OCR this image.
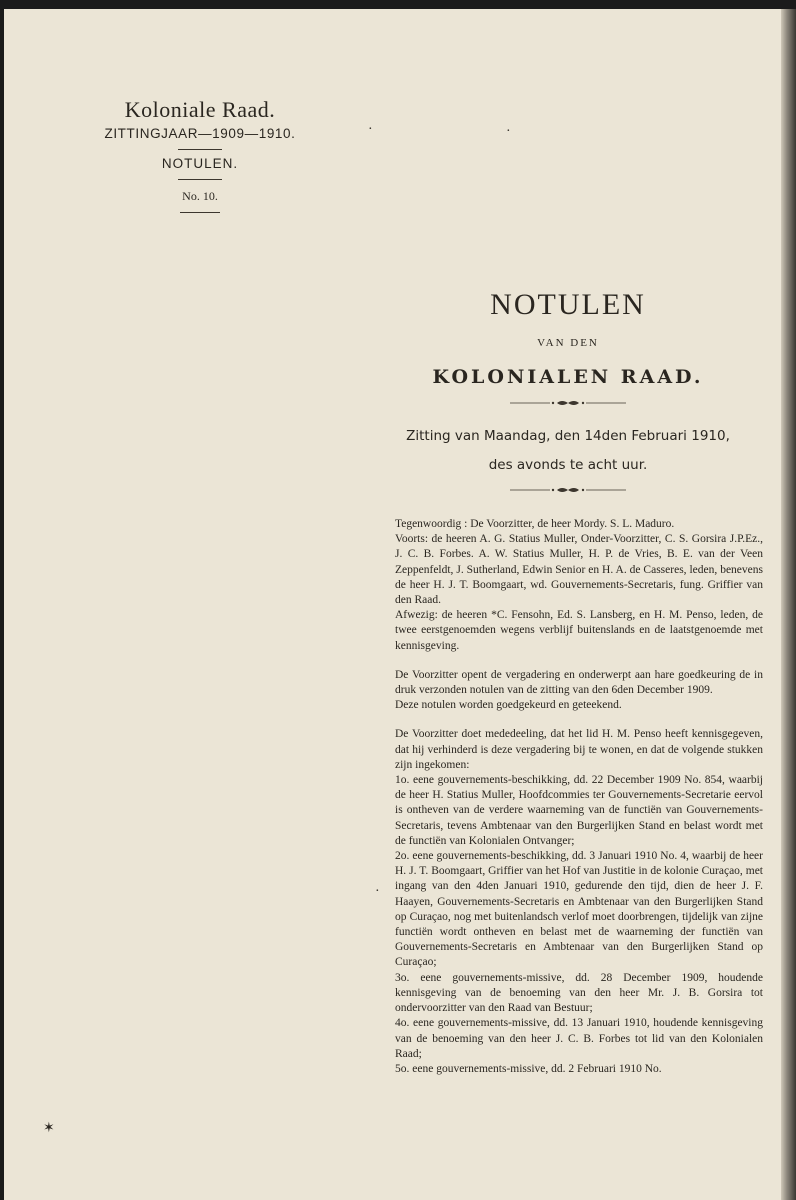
Koloniale Raad.
ZITTINGJAAR—1909—1910.
NOTULEN.
No. 10.
NOTULEN
VAN DEN
KOLONIALEN RAAD.
Zitting van Maandag, den 14den Februari 1910,
des avonds te acht uur.

Tegenwoordig : De Voorzitter, de heer Mordy. S. L. Maduro.

Voorts: de heeren A. G. Statius Muller, Onder-Voorzitter, C. S. Gorsira J.P.Ez., J. C. B. Forbes. A. W. Statius Muller, H. P. de Vries, B. E. van der Veen Zeppenfeldt, J. Sutherland, Edwin Senior en H. A. de Casseres, leden, benevens de heer H. J. T. Boomgaart, wd. Gouvernements-Secretaris, fung. Griffier van den Raad.

Afwezig: de heeren *C. Fensohn, Ed. S. Lansberg, en H. M. Penso, leden, de twee eerstgenoemden wegens verblijf buitenslands en de laatstgenoemde met kennisgeving.

De Voorzitter opent de vergadering en onderwerpt aan hare goedkeuring de in druk verzonden notulen van de zitting van den 6den December 1909.

Deze notulen worden goedgekeurd en geteekend.

De Voorzitter doet mededeeling, dat het lid H. M. Penso heeft kennisgegeven, dat hij verhinderd is deze vergadering bij te wonen, en dat de volgende stukken zijn ingekomen:

1o. eene gouvernements-beschikking, dd. 22 December 1909 No. 854, waarbij de heer H. Statius Muller, Hoofdcommies ter Gouvernements-Secretarie eervol is ontheven van de verdere waarneming van de functiën van Gouvernements-Secretaris, tevens Ambtenaar van den Burgerlijken Stand en belast wordt met de functiën van Kolonialen Ontvanger;

2o. eene gouvernements-beschikking, dd. 3 Januari 1910 No. 4, waarbij de heer H. J. T. Boomgaart, Griffier van het Hof van Justitie in de kolonie Curaçao, met ingang van den 4den Januari 1910, gedurende den tijd, dien de heer J. F. Haayen, Gouvernements-Secretaris en Ambtenaar van den Burgerlijken Stand op Curaçao, nog met buitenlandsch verlof moet doorbrengen, tijdelijk van zijne functiën wordt ontheven en belast met de waarneming der functiën van Gouvernements-Secretaris en Ambtenaar van den Burgerlijken Stand op Curaçao;

3o. eene gouvernements-missive, dd. 28 December 1909, houdende kennisgeving van de benoeming van den heer Mr. J. B. Gorsira tot ondervoorzitter van den Raad van Bestuur;

4o. eene gouvernements-missive, dd. 13 Januari 1910, houdende kennisgeving van de benoeming van den heer J. C. B. Forbes tot lid van den Kolonialen Raad;

5o. eene gouvernements-missive, dd. 2 Februari 1910 No.

·	·
·
✶
